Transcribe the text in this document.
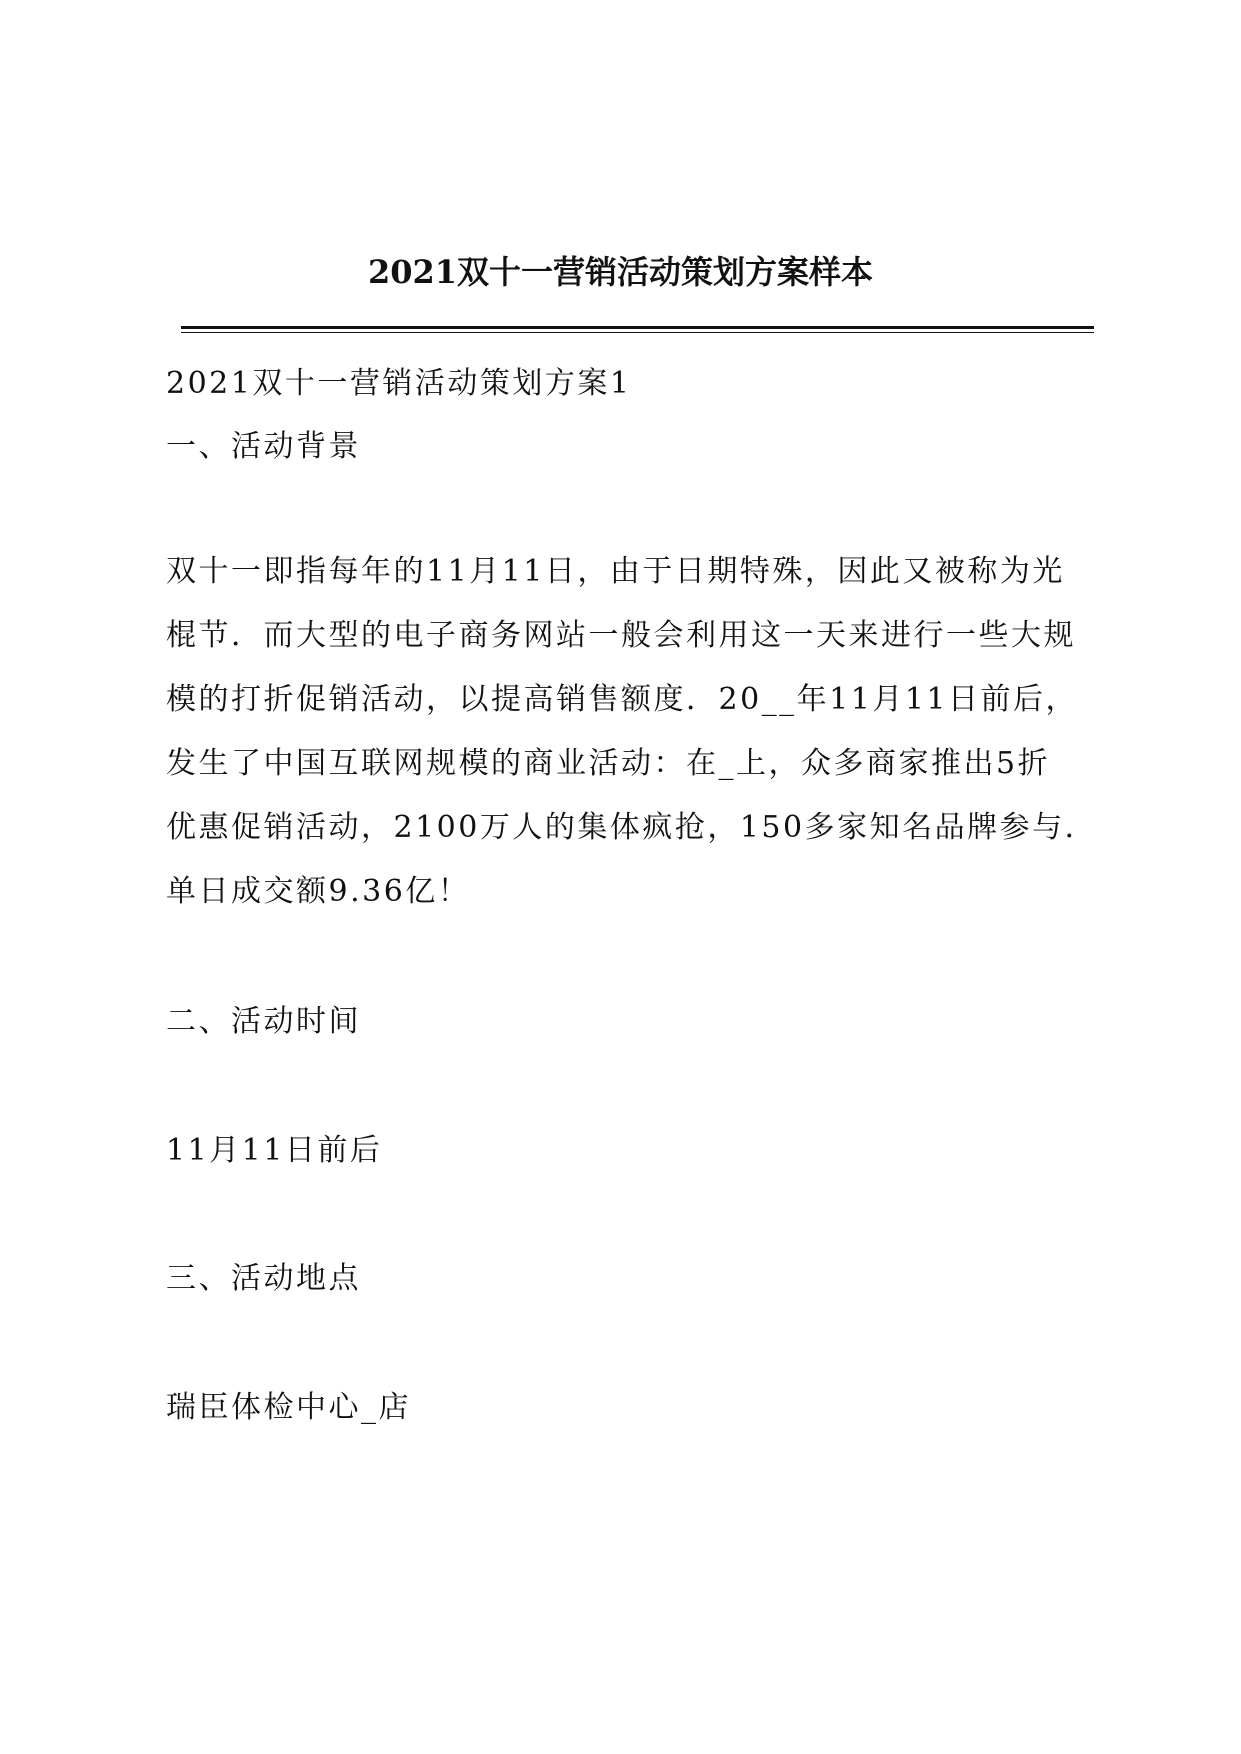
2021双十一营销活动策划方案样本

2021双十一营销活动策划方案1

一、活动背景

双十一即指每年的11月11日，由于日期特殊，因此又被称为光
棍节．而大型的电子商务网站一般会利用这一天来进行一些大规
模的打折促销活动，以提高销售额度．20__年11月11日前后，
发生了中国互联网规模的商业活动：在_上，众多商家推出5折
优惠促销活动，2100万人的集体疯抢，150多家知名品牌参与．
单日成交额9.36亿！

二、活动时间

11月11日前后

三、活动地点

瑞臣体检中心_店
